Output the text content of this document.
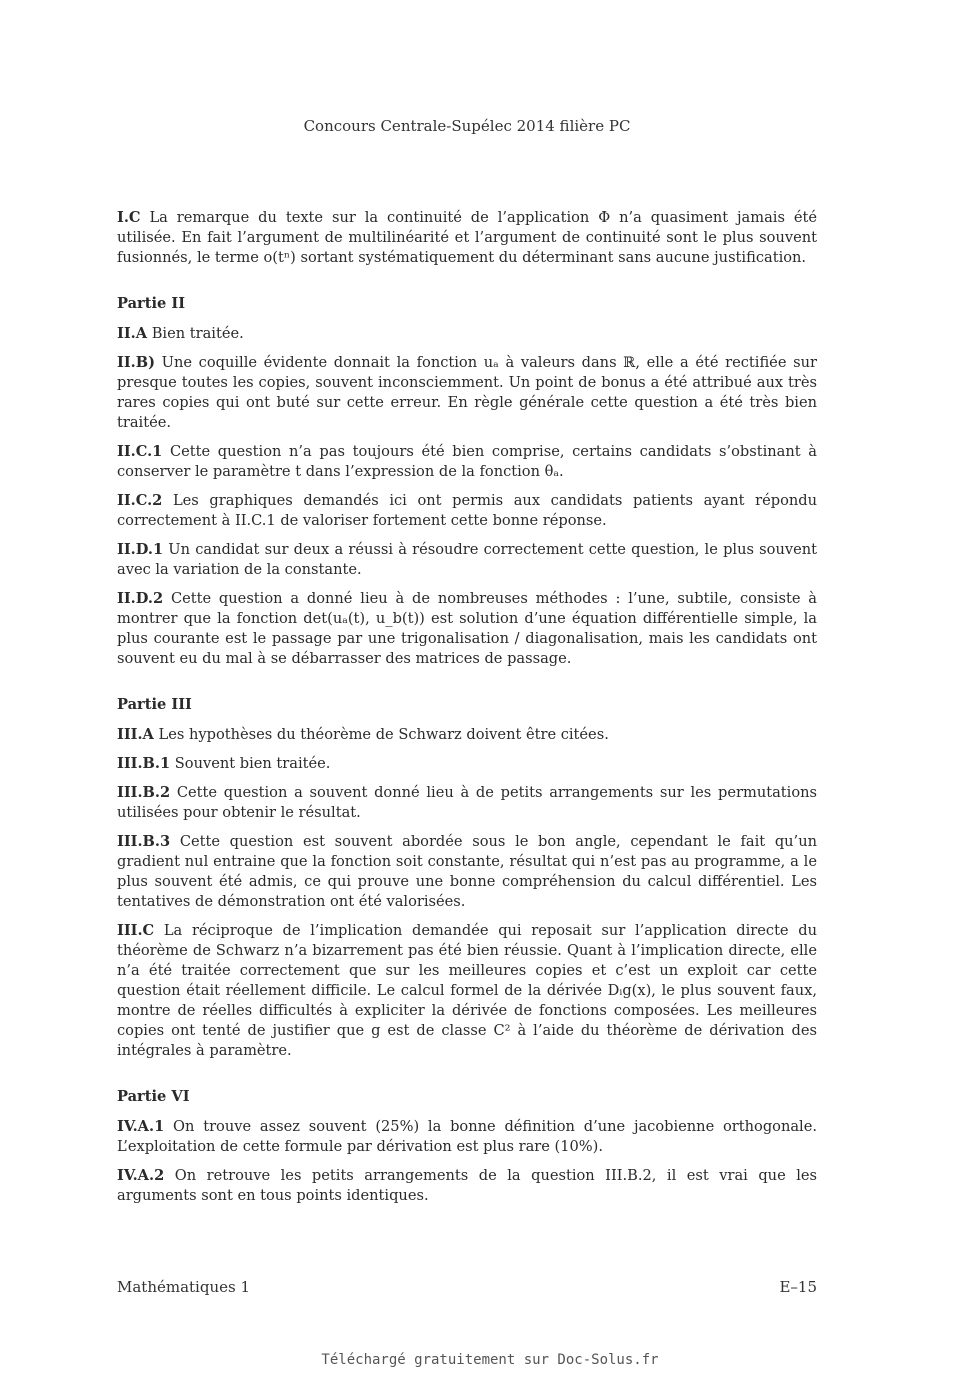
Concours Centrale-Supélec 2014 filière PC

I.C La remarque du texte sur la continuité de l’application Φ n’a quasiment jamais été utilisée. En fait l’argument de multilinéarité et l’argument de continuité sont le plus souvent fusionnés, le terme o(tⁿ) sortant systématiquement du déterminant sans aucune justification.

Partie II

II.A Bien traitée.

II.B) Une coquille évidente donnait la fonction uₐ à valeurs dans ℝ, elle a été rectifiée sur presque toutes les copies, souvent inconsciemment. Un point de bonus a été attribué aux très rares copies qui ont buté sur cette erreur. En règle générale cette question a été très bien traitée.

II.C.1 Cette question n’a pas toujours été bien comprise, certains candidats s’obstinant à conserver le paramètre t dans l’expression de la fonction θₐ.

II.C.2 Les graphiques demandés ici ont permis aux candidats patients ayant répondu correctement à II.C.1 de valoriser fortement cette bonne réponse.

II.D.1 Un candidat sur deux a réussi à résoudre correctement cette question, le plus souvent avec la variation de la constante.

II.D.2 Cette question a donné lieu à de nombreuses méthodes : l’une, subtile, consiste à montrer que la fonction det(uₐ(t), u_b(t)) est solution d’une équation différentielle simple, la plus courante est le passage par une trigonalisation / diagonalisation, mais les candidats ont souvent eu du mal à se débarrasser des matrices de passage.

Partie III

III.A Les hypothèses du théorème de Schwarz doivent être citées.

III.B.1 Souvent bien traitée.

III.B.2 Cette question a souvent donné lieu à de petits arrangements sur les permutations utilisées pour obtenir le résultat.

III.B.3 Cette question est souvent abordée sous le bon angle, cependant le fait qu’un gradient nul entraine que la fonction soit constante, résultat qui n’est pas au programme, a le plus souvent été admis, ce qui prouve une bonne compréhension du calcul différentiel. Les tentatives de démonstration ont été valorisées.

III.C La réciproque de l’implication demandée qui reposait sur l’application directe du théorème de Schwarz n’a bizarrement pas été bien réussie. Quant à l’implication directe, elle n’a été traitée correctement que sur les meilleures copies et c’est un exploit car cette question était réellement difficile. Le calcul formel de la dérivée Dᵢg(x), le plus souvent faux, montre de réelles difficultés à expliciter la dérivée de fonctions composées. Les meilleures copies ont tenté de justifier que g est de classe C² à l’aide du théorème de dérivation des intégrales à paramètre.

Partie VI

IV.A.1 On trouve assez souvent (25%) la bonne définition d’une jacobienne orthogonale. L’exploitation de cette formule par dérivation est plus rare (10%).

IV.A.2 On retrouve les petits arrangements de la question III.B.2, il est vrai que les arguments sont en tous points identiques.

Mathématiques 1	E–15
Téléchargé gratuitement sur Doc-Solus.fr
